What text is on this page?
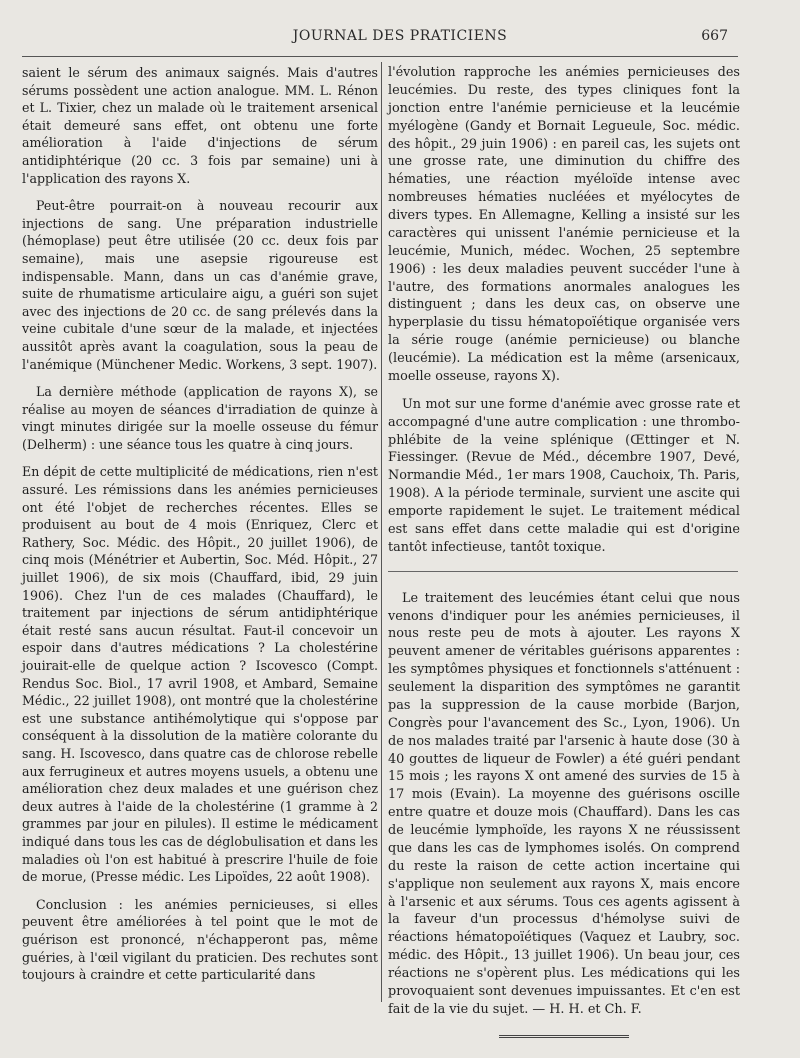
JOURNAL DES PRATICIENS	667

saient le sérum des animaux saignés. Mais d'autres sérums possèdent une action analogue. MM. L. Rénon et L. Tixier, chez un malade où le traitement arsenical était demeuré sans effet, ont obtenu une forte amélioration à l'aide d'injections de sérum antidiphtérique (20 cc. 3 fois par semaine) uni à l'application des rayons X.

Peut-être pourrait-on à nouveau recourir aux injections de sang. Une préparation industrielle (hémoplase) peut être utilisée (20 cc. deux fois par semaine), mais une asepsie rigoureuse est indispensable. Mann, dans un cas d'anémie grave, suite de rhumatisme articulaire aigu, a guéri son sujet avec des injections de 20 cc. de sang prélevés dans la veine cubitale d'une sœur de la malade, et injectées aussitôt après avant la coagulation, sous la peau de l'anémique (Münchener Medic. Workens, 3 sept. 1907).

La dernière méthode (application de rayons X), se réalise au moyen de séances d'irradiation de quinze à vingt minutes dirigée sur la moelle osseuse du fémur (Delherm) : une séance tous les quatre à cinq jours.

En dépit de cette multiplicité de médications, rien n'est assuré. Les rémissions dans les anémies pernicieuses ont été l'objet de recherches récentes. Elles se produisent au bout de 4 mois (Enriquez, Clerc et Rathery, Soc. Médic. des Hôpit., 20 juillet 1906), de cinq mois (Ménétrier et Aubertin, Soc. Méd. Hôpit., 27 juillet 1906), de six mois (Chauffard, ibid, 29 juin 1906). Chez l'un de ces malades (Chauffard), le traitement par injections de sérum antidiphtérique était resté sans aucun résultat. Faut-il concevoir un espoir dans d'autres médications ? La cholestérine jouirait-elle de quelque action ? Iscovesco (Compt. Rendus Soc. Biol., 17 avril 1908, et Ambard, Semaine Médic., 22 juillet 1908), ont montré que la cholestérine est une substance antihémolytique qui s'oppose par conséquent à la dissolution de la matière colorante du sang. H. Iscovesco, dans quatre cas de chlorose rebelle aux ferrugineux et autres moyens usuels, a obtenu une amélioration chez deux malades et une guérison chez deux autres à l'aide de la cholestérine (1 gramme à 2 grammes par jour en pilules). Il estime le médicament indiqué dans tous les cas de déglobulisation et dans les maladies où l'on est habitué à prescrire l'huile de foie de morue, (Presse médic. Les Lipoïdes, 22 août 1908).

Conclusion : les anémies pernicieuses, si elles peuvent être améliorées à tel point que le mot de guérison est prononcé, n'échapperont pas, même guéries, à l'œil vigilant du praticien. Des rechutes sont toujours à craindre et cette particularité dans

l'évolution rapproche les anémies pernicieuses des leucémies. Du reste, des types cliniques font la jonction entre l'anémie pernicieuse et la leucémie myélogène (Gandy et Bornait Legueule, Soc. médic. des hôpit., 29 juin 1906) : en pareil cas, les sujets ont une grosse rate, une diminution du chiffre des hématies, une réaction myéloïde intense avec nombreuses hématies nucléées et myélocytes de divers types. En Allemagne, Kelling a insisté sur les caractères qui unissent l'anémie pernicieuse et la leucémie, Munich, médec. Wochen, 25 septembre 1906) : les deux maladies peuvent succéder l'une à l'autre, des formations anormales analogues les distinguent ; dans les deux cas, on observe une hyperplasie du tissu hématopoïétique organisée vers la série rouge (anémie pernicieuse) ou blanche (leucémie). La médication est la même (arsenicaux, moelle osseuse, rayons X).

Un mot sur une forme d'anémie avec grosse rate et accompagné d'une autre complication : une thrombo-phlébite de la veine splénique (Œttinger et N. Fiessinger. (Revue de Méd., décembre 1907, Devé, Normandie Méd., 1er mars 1908, Cauchoix, Th. Paris, 1908). A la période terminale, survient une ascite qui emporte rapidement le sujet. Le traitement médical est sans effet dans cette maladie qui est d'origine tantôt infectieuse, tantôt toxique.

Le traitement des leucémies étant celui que nous venons d'indiquer pour les anémies pernicieuses, il nous reste peu de mots à ajouter. Les rayons X peuvent amener de véritables guérisons apparentes : les symptômes physiques et fonctionnels s'atténuent : seulement la disparition des symptômes ne garantit pas la suppression de la cause morbide (Barjon, Congrès pour l'avancement des Sc., Lyon, 1906). Un de nos malades traité par l'arsenic à haute dose (30 à 40 gouttes de liqueur de Fowler) a été guéri pendant 15 mois ; les rayons X ont amené des survies de 15 à 17 mois (Evain). La moyenne des guérisons oscille entre quatre et douze mois (Chauffard). Dans les cas de leucémie lymphoïde, les rayons X ne réussissent que dans les cas de lymphomes isolés. On comprend du reste la raison de cette action incertaine qui s'applique non seulement aux rayons X, mais encore à l'arsenic et aux sérums. Tous ces agents agissent à la faveur d'un processus d'hémolyse suivi de réactions hématopoïétiques (Vaquez et Laubry, soc. médic. des Hôpit., 13 juillet 1906). Un beau jour, ces réactions ne s'opèrent plus. Les médications qui les provoquaient sont devenues impuissantes. Et c'en est fait de la vie du sujet. — H. H. et Ch. F.
